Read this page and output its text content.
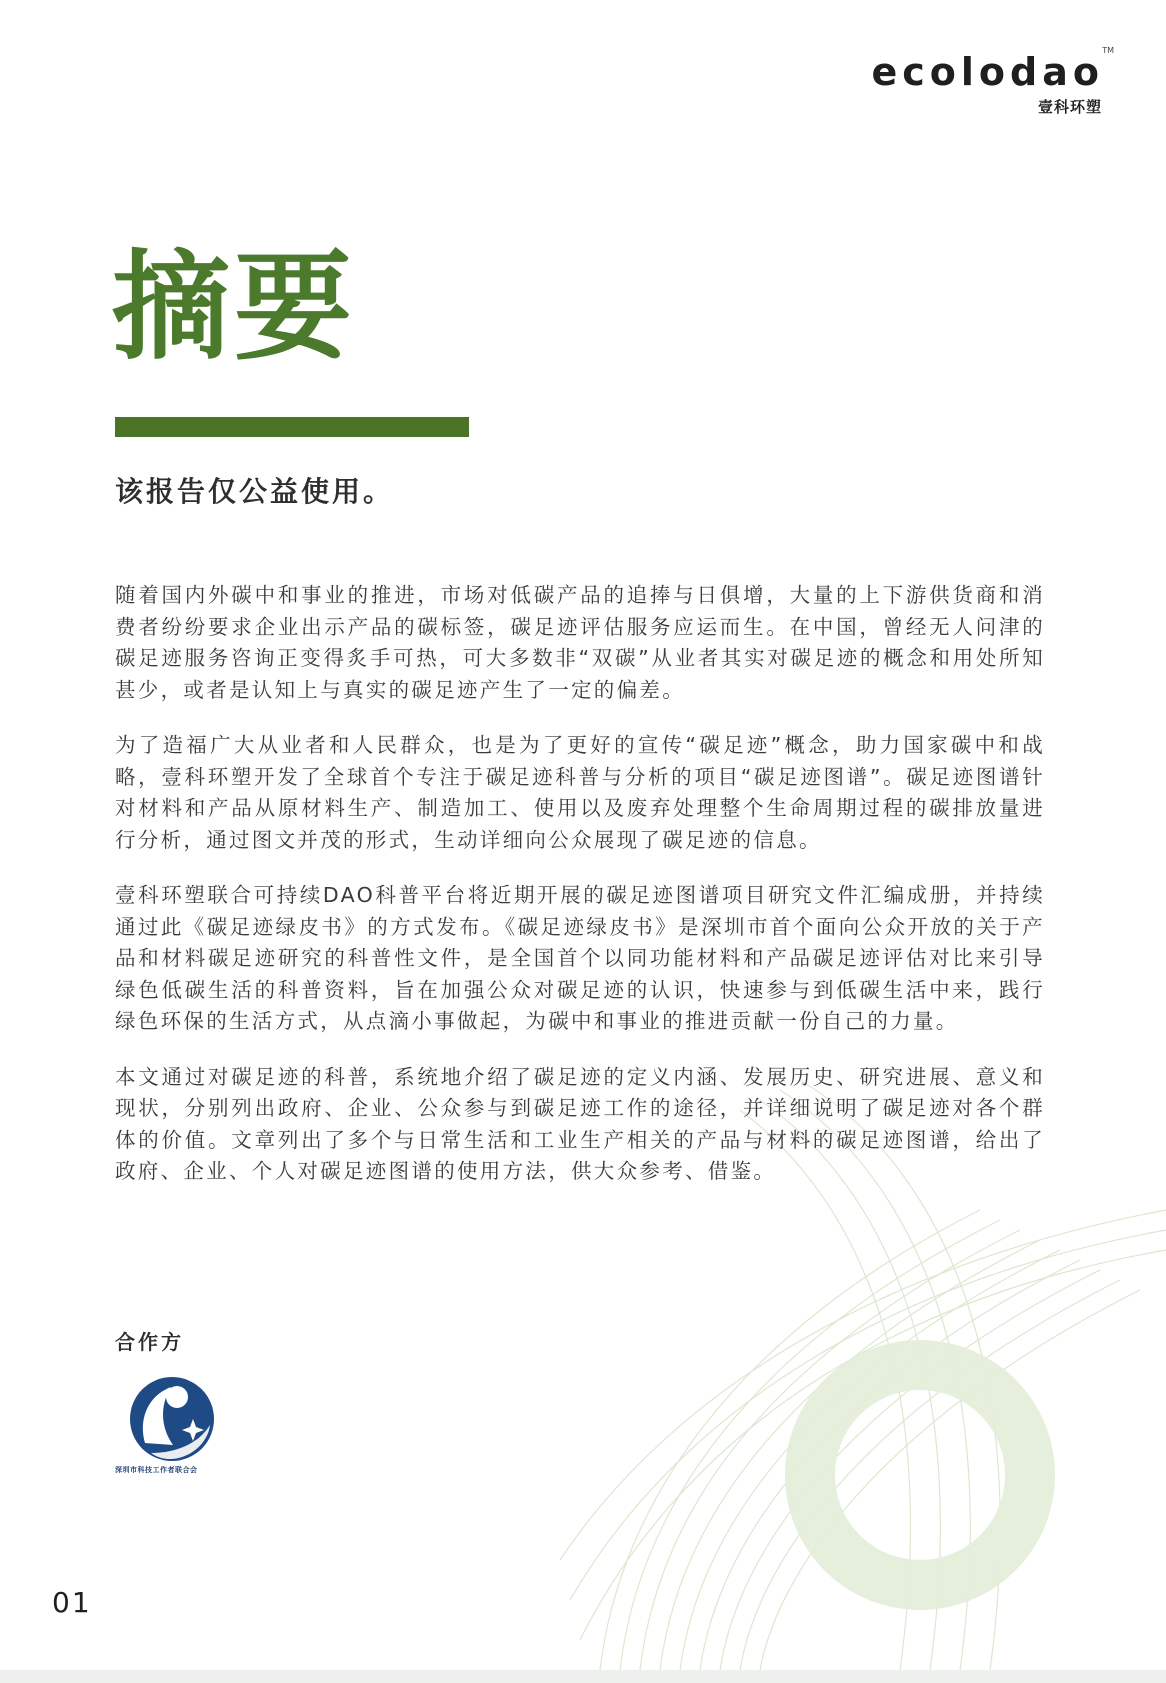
TM
ecolodao
壹科环塑
摘要
该报告仅公益使用。

随着国内外碳中和事业的推进，市场对低碳产品的追捧与日俱增，大量的上下游供货商和消费者纷纷要求企业出示产品的碳标签，碳足迹评估服务应运而生。在中国，曾经无人问津的碳足迹服务咨询正变得炙手可热，可大多数非“双碳”从业者其实对碳足迹的概念和用处所知甚少，或者是认知上与真实的碳足迹产生了一定的偏差。

为了造福广大从业者和人民群众，也是为了更好的宣传“碳足迹”概念，助力国家碳中和战略，壹科环塑开发了全球首个专注于碳足迹科普与分析的项目“碳足迹图谱”。碳足迹图谱针对材料和产品从原材料生产、制造加工、使用以及废弃处理整个生命周期过程的碳排放量进行分析，通过图文并茂的形式，生动详细向公众展现了碳足迹的信息。

壹科环塑联合可持续DAO科普平台将近期开展的碳足迹图谱项目研究文件汇编成册，并持续通过此《碳足迹绿皮书》的方式发布。《碳足迹绿皮书》是深圳市首个面向公众开放的关于产品和材料碳足迹研究的科普性文件，是全国首个以同功能材料和产品碳足迹评估对比来引导绿色低碳生活的科普资料，旨在加强公众对碳足迹的认识，快速参与到低碳生活中来，践行绿色环保的生活方式，从点滴小事做起，为碳中和事业的推进贡献一份自己的力量。

本文通过对碳足迹的科普，系统地介绍了碳足迹的定义内涵、发展历史、研究进展、意义和现状，分别列出政府、企业、公众参与到碳足迹工作的途径，并详细说明了碳足迹对各个群体的价值。文章列出了多个与日常生活和工业生产相关的产品与材料的碳足迹图谱，给出了政府、企业、个人对碳足迹图谱的使用方法，供大众参考、借鉴。

合作方
深圳市科技工作者联合会
01
